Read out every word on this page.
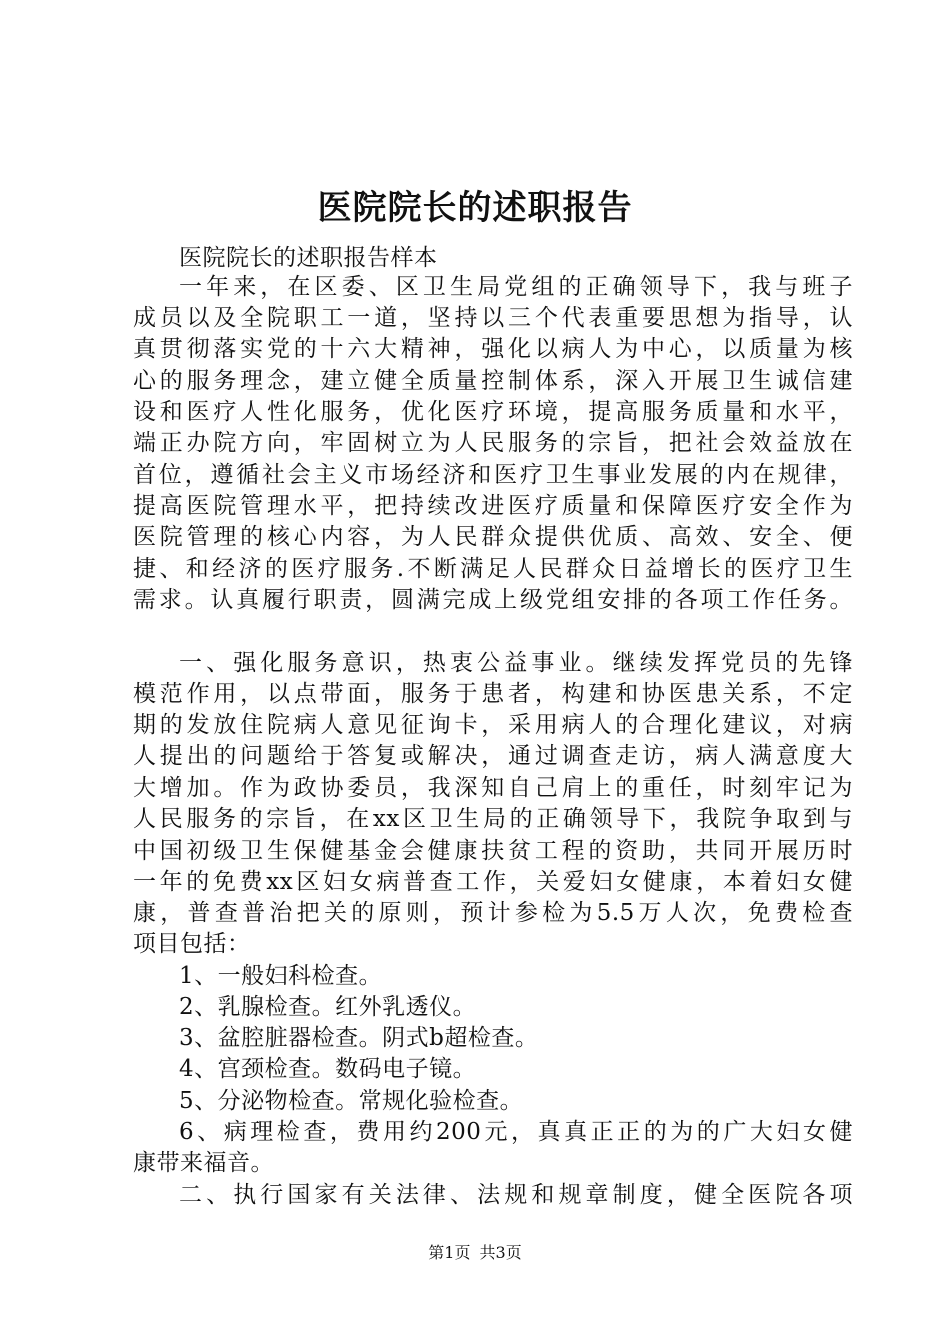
医院院长的述职报告
医院院长的述职报告样本
一年来，在区委、区卫生局党组的正确领导下，我与班子
成员以及全院职工一道，坚持以三个代表重要思想为指导，认
真贯彻落实党的十六大精神，强化以病人为中心，以质量为核
心的服务理念，建立健全质量控制体系，深入开展卫生诚信建
设和医疗人性化服务，优化医疗环境，提高服务质量和水平，
端正办院方向，牢固树立为人民服务的宗旨，把社会效益放在
首位，遵循社会主义市场经济和医疗卫生事业发展的内在规律，
提高医院管理水平，把持续改进医疗质量和保障医疗安全作为
医院管理的核心内容，为人民群众提供优质、高效、安全、便
捷、和经济的医疗服务.不断满足人民群众日益增长的医疗卫生
需求。认真履行职责，圆满完成上级党组安排的各项工作任务。
一、强化服务意识，热衷公益事业。继续发挥党员的先锋
模范作用，以点带面，服务于患者，构建和协医患关系，不定
期的发放住院病人意见征询卡，采用病人的合理化建议，对病
人提出的问题给于答复或解决，通过调查走访，病人满意度大
大增加。作为政协委员，我深知自己肩上的重任，时刻牢记为
人民服务的宗旨，在xx区卫生局的正确领导下，我院争取到与
中国初级卫生保健基金会健康扶贫工程的资助，共同开展历时
一年的免费xx区妇女病普查工作，关爱妇女健康，本着妇女健
康，普查普治把关的原则，预计参检为5.5万人次，免费检查
项目包括：
1、一般妇科检查。
2、乳腺检查。红外乳透仪。
3、盆腔脏器检查。阴式b超检查。
4、宫颈检查。数码电子镜。
5、分泌物检查。常规化验检查。
6、病理检查，费用约200元，真真正正的为的广大妇女健
康带来福音。
二、执行国家有关法律、法规和规章制度，健全医院各项
第1页 共3页
